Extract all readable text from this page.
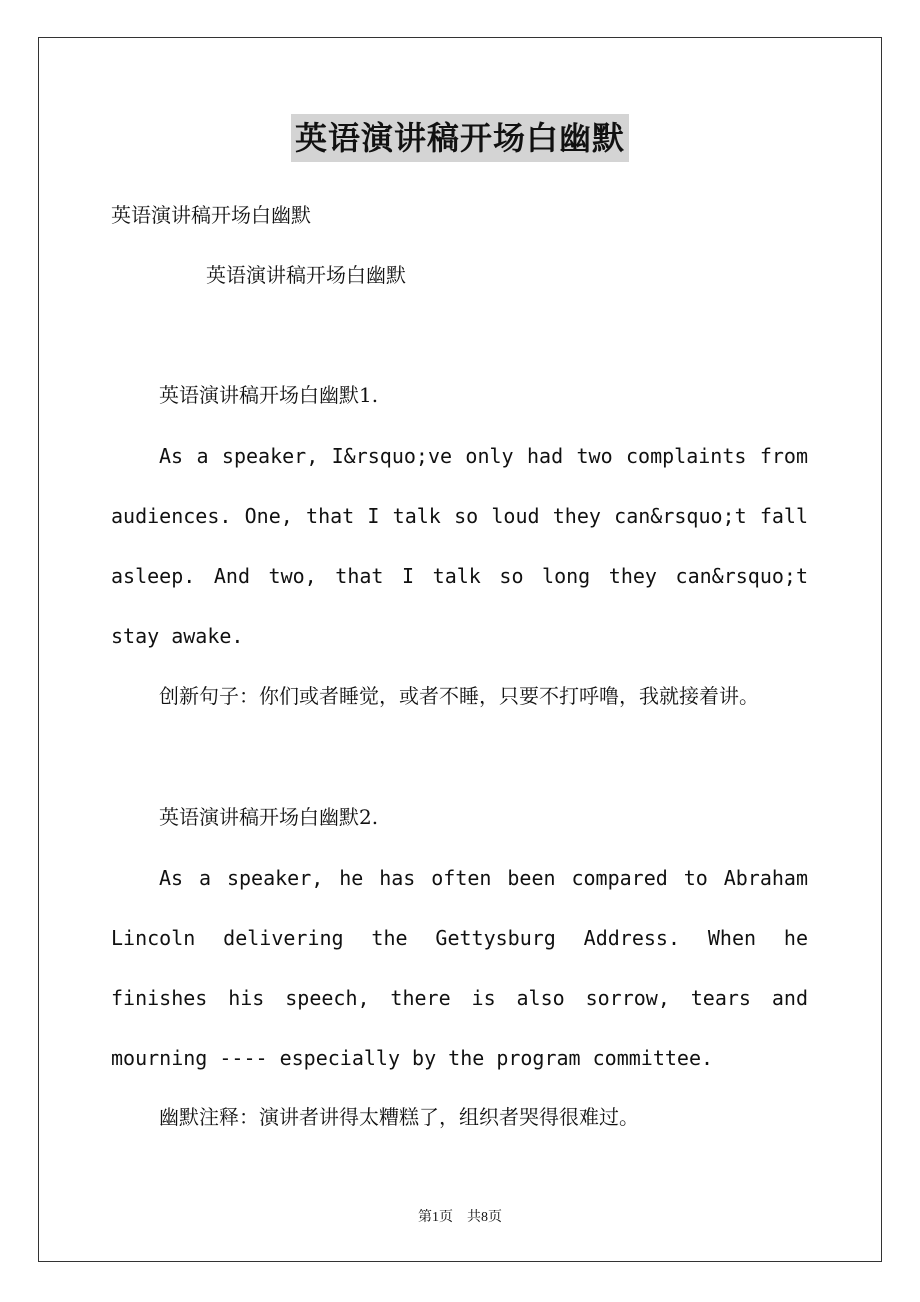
英语演讲稿开场白幽默

英语演讲稿开场白幽默

英语演讲稿开场白幽默

英语演讲稿开场白幽默1.

As a speaker, I&rsquo;ve only had two complaints from audiences. One, that I talk so loud they can&rsquo;t fall asleep. And two, that I talk so long they can&rsquo;t stay awake.

创新句子：你们或者睡觉，或者不睡，只要不打呼噜，我就接着讲。

英语演讲稿开场白幽默2.

As a speaker, he has often been compared to Abraham Lincoln delivering the Gettysburg Address. When he finishes his speech, there is also sorrow, tears and mourning ---- especially by the program committee.

幽默注释：演讲者讲得太糟糕了，组织者哭得很难过。

第1页　共8页
